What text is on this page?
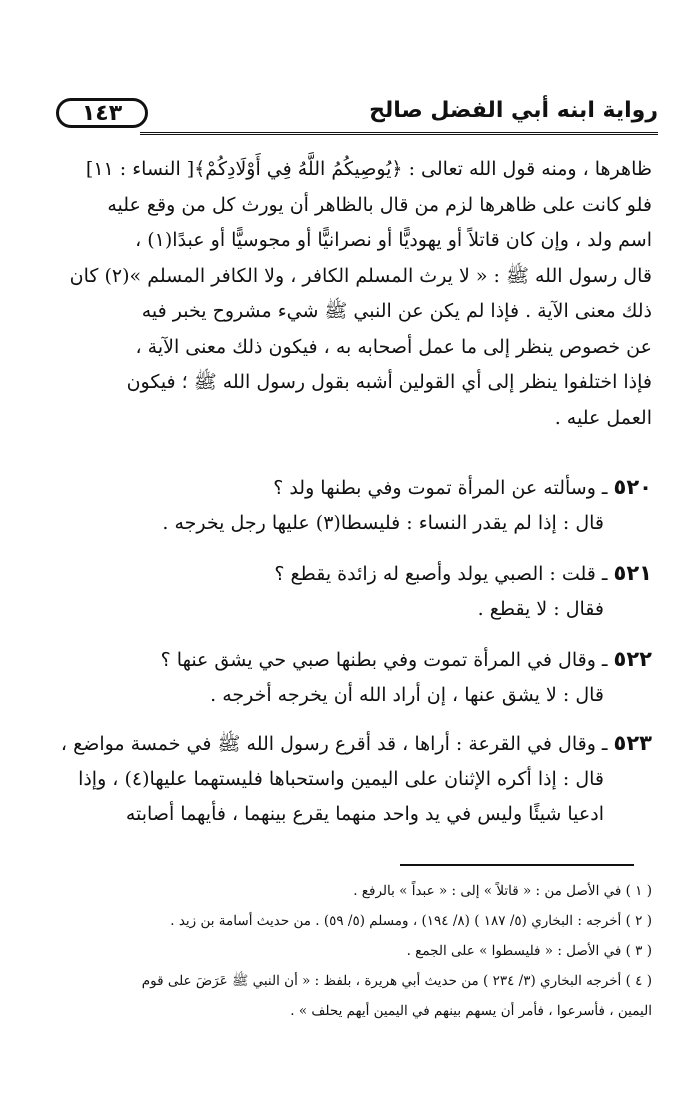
١٤٣	رواية ابنه أبي الفضل صالح
ظاهرها ، ومنه قول الله تعالى : ﴿يُوصِيكُمُ اللَّهُ فِي أَوْلَادِكُمْ﴾[ النساء : ١١]
فلو كانت على ظاهرها لزم من قال بالظاهر أن يورث كل من وقع عليه
اسم ولد ، وإن كان قاتلاً أو يهوديًّا أو نصرانيًّا أو مجوسيًّا أو عبدًا(١) ،
قال رسول الله ﷺ : « لا يرث المسلم الكافر ، ولا الكافر المسلم »(٢) كان
ذلك معنى الآية . فإذا لم يكن عن النبي ﷺ شيء مشروح يخبر فيه
عن خصوص ينظر إلى ما عمل أصحابه به ، فيكون ذلك معنى الآية ،
فإذا اختلفوا ينظر إلى أي القولين أشبه بقول رسول الله ﷺ ؛ فيكون
العمل عليه .
٥٢٠ ـ وسألته عن المرأة تموت وفي بطنها ولد ؟
قال : إذا لم يقدر النساء : فليسطا(٣) عليها رجل يخرجه .
٥٢١ ـ قلت : الصبي يولد وأصبع له زائدة يقطع ؟
فقال : لا يقطع .
٥٢٢ ـ وقال في المرأة تموت وفي بطنها صبي حي يشق عنها ؟
قال : لا يشق عنها ، إن أراد الله أن يخرجه أخرجه .
٥٢٣ ـ وقال في القرعة : أراها ، قد أقرع رسول الله ﷺ في خمسة مواضع ،
قال : إذا أكره الإثنان على اليمين واستحباها فليستهما عليها(٤) ، وإذا
ادعيا شيئًا وليس في يد واحد منهما يقرع بينهما ، فأيهما أصابته
( ١ ) في الأصل من : « قاتلاً » إلى : « عبداً » بالرفع .
( ٢ ) أخرجه : البخاري (٥/ ١٨٧ ) (٨/ ١٩٤) ، ومسلم (٥/ ٥٩) . من حديث أسامة بن زيد .
( ٣ ) في الأصل : « فليسطوا » على الجمع .
( ٤ ) أخرجه البخاري (٣/ ٢٣٤ ) من حديث أبي هريرة ، بلفظ : « أن النبي ﷺ عَرَضَ على قوم
اليمين ، فأسرعوا ، فأمر أن يسهم بينهم في اليمين أيهم يحلف » .
